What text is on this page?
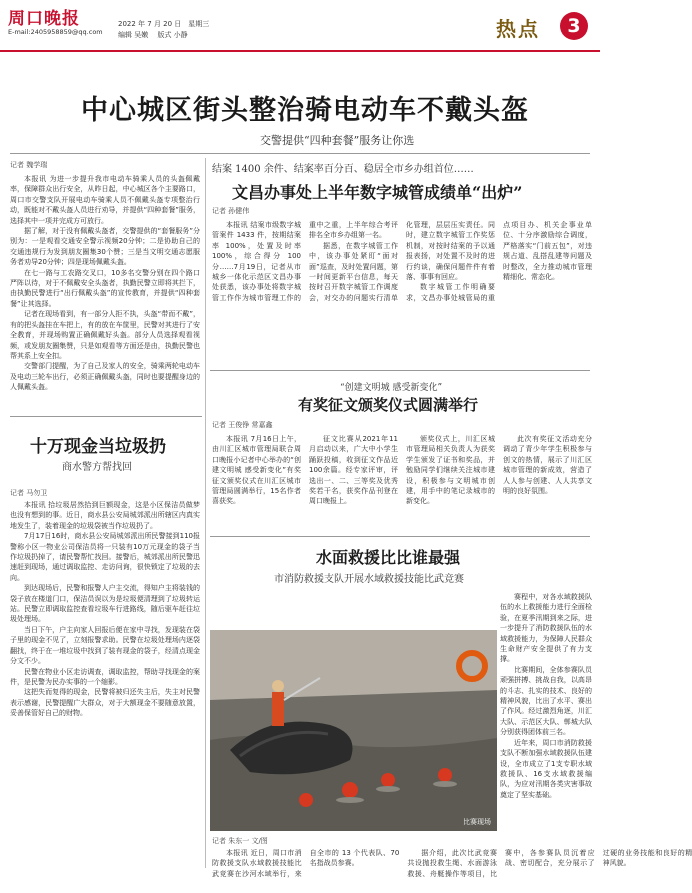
周口晚报
E-mail:2405958859@qq.com
2022 年 7 月 20 日　星期三
编辑 吴嫩　 版式 小静	热点	3
中心城区街头整治骑电动车不戴头盔
交警提供“四种套餐”服务让你选
记者 魏学瑞

本报讯 为进一步提升我市电动车骑乘人员的头盔佩戴率，保障群众出行安全，从昨日起，中心城区各个主要路口，周口市交警支队开展电动车骑乘人员不佩戴头盔专项整治行动，既能对不戴头盔人员进行劝导，并提供“四种套餐”服务，选择其中一项并完成方可放行。

据了解，对于没有佩戴头盔者，交警提供的“套餐服务”分别为：一是观看交通安全警示视频20分钟；二是协助自己的交通违规行为发到朋友圈集30个赞；三是当文明交通志愿服务者劝导20分钟；四是现场佩戴头盔。

在七一路与工农路交叉口，10多名交警分别在四个路口严阵以待，对于不佩戴安全头盔者，执勤民警立即将其拦下，由执勤民警进行“出行佩戴头盔”的宣传教育，并提供“四种套餐”让其选择。

记者在现场看到，有一部分人拒不执，头盔“带而不戴”，有的把头盔挂在车把上，有的放在车筐里，民警对其进行了安全教育，并现场购置正确佩戴好头盔。部分人员选择观看视频，或发朋友圈集赞，只是如观看等方面还是由，执勤民警也帮其系上安全扣。

交警部门提醒，为了自己及家人的安全，骑乘两轮电动车及电动三轮车出行，必须正确佩戴头盔，同时也要提醒身边的人佩戴头盔。

结案 1400 余件、结案率百分百、稳居全市乡办组首位……
文昌办事处上半年数字城管成绩单“出炉”
记者 孙健伟

本报讯 结案市级数字城管案件 1433 件，按期结案率 100%，处置及时率 100%，综合得分 100分……7月19日，记者从市城乡一体化示范区文昌办事处获悉，该办事处将数字城管工作作为城市管理工作的重中之重，上半年综合考评排名全市乡办组第一名。

据悉，在数字城管工作中，该办事处紧盯“面对面”巡查，及时处置问题，第一时间更新平台信息，每天按时召开数字城管工作调度会，对交办的问题实行清单化管理，层层压实责任。同时，建立数字城管工作奖惩机制，对按时结案的予以通报表扬，对处置不及时的进行约谈，确保问题件件有着落、事事有回应。

数字城管工作明确要求，文昌办事处城管局的重点项目办、机关企事业单位、十分序激励综合调度，严格落实“门前五包”，对违规占道、乱搭乱建等问题及时整改，全力推动城市管理精细化、常态化。

“创建文明城 感受新变化”
有奖征文颁奖仪式圆满举行
记者 王俊铮 常嘉鑫

本报讯 7月16日上午，由川汇区城市管理局联合周口晚报小记者中心举办的“创建文明城 感受新变化”有奖征文颁奖仪式在川汇区城市管理局圆满举行，15名作者喜获奖。

征文比赛从2021年11月启动以来，广大中小学生踊跃投稿，收到征文作品近100余篇。经专家评审，评选出一、二、三等奖及优秀奖若干名，获奖作品刊登在周口晚报上。

颁奖仪式上，川汇区城市管理局相关负责人为获奖学生颁发了证书和奖品，并勉励同学们继续关注城市建设，积极参与文明城市创建，用手中的笔记录城市的新变化。

此次有奖征文活动充分调动了青少年学生积极参与创文的热情，展示了川汇区城市管理的新成效，营造了人人参与创建、人人共享文明的良好氛围。

十万现金当垃圾扔
商水警方帮找回
记者 马勿卫

本报讯 拾垃圾居然拾到巨额现金，这是小区保洁员做梦也没有想到的事。近日，商水县公安局城郊派出所辖区内真实地发生了，装着现金的垃圾袋被当作垃圾扔了。

7月17日16时，商水县公安局城郊派出所民警接到110报警称小区一物业公司保洁员将一只装有10万元现金的袋子当作垃圾扔掉了，请民警帮忙找回。接警后，城郊派出所民警迅速赶到现场，通过调取监控、走访问询，很快锁定了垃圾的去向。

到达现场后，民警和报警人户主交流，得知户主将装钱的袋子放在楼道门口，保洁员误以为是垃圾便清理到了垃圾转运站。民警立即调取监控查看垃圾车行进路线，随后驱车赶往垃圾处理场。

当日下午，户主向家人回报后便在家中寻找，发现装在袋子里的现金不见了，立刻报警求助。民警在垃圾处理场内逐袋翻找，终于在一堆垃圾中找到了装有现金的袋子，经清点现金分文不少。

民警在物业小区走访调查，调取监控，帮助寻找现金的案件，是民警为民办实事的一个缩影。

这把失而复得的现金，民警将被归还失主后，失主对民警表示感谢，民警提醒广大群众，对于大额现金不要随意放置，妥善保管好自己的财物。

水面救援比比谁最强
市消防救援支队开展水域救援技能比武竞赛
比赛现场

赛程中，对各水域救援队伍的水上救援能力进行全面检验，在夏季汛期到来之际，进一步提升了消防救援队伍的水域救援能力，为保障人民群众生命财产安全提供了有力支撑。

比赛期间，全体参赛队员顽强拼搏、挑战自我，以高昂的斗志、扎实的技术、良好的精神风貌，比出了水平、赛出了作风。经过激烈角逐，川汇大队、示范区大队、郸城大队分别获得团体前三名。

近年来，周口市消防救援支队不断加强水域救援队伍建设，全市成立了1支专职水域救援队、16支水域救援编队，为应对汛期各类灾害事故奠定了坚实基础。

记者 朱东一 文/图

本报讯 近日，周口市消防救援支队水域救援技能比武竞赛在沙河水域举行，来自全市的 13 个代表队、70 名指战员参赛。

据介绍，此次比武竞赛共设抛投救生绳、水面游泳救援、舟艇操作等项目，比赛中，各参赛队员沉着应战、密切配合，充分展示了过硬的业务技能和良好的精神风貌。
